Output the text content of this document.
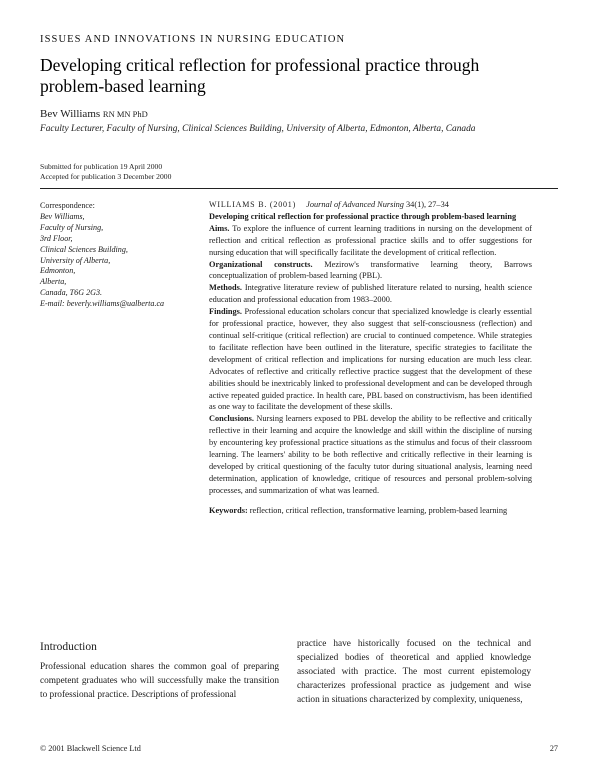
ISSUES AND INNOVATIONS IN NURSING EDUCATION
Developing critical reflection for professional practice through problem-based learning
Bev Williams RN MN PhD
Faculty Lecturer, Faculty of Nursing, Clinical Sciences Building, University of Alberta, Edmonton, Alberta, Canada
Submitted for publication 19 April 2000
Accepted for publication 3 December 2000
Correspondence:
Bev Williams,
Faculty of Nursing,
3rd Floor,
Clinical Sciences Building,
University of Alberta,
Edmonton,
Alberta,
Canada, T6G 2G3.
E-mail: beverly.williams@ualberta.ca

WILLIAMS B. (2001) Journal of Advanced Nursing 34(1), 27–34

Developing critical reflection for professional practice through problem-based learning

Aims. To explore the influence of current learning traditions in nursing on the development of reflection and critical reflection as professional practice skills and to offer suggestions for nursing education that will specifically facilitate the development of critical reflection.

Organizational constructs. Mezirow's transformative learning theory, Barrows conceptualization of problem-based learning (PBL).

Methods. Integrative literature review of published literature related to nursing, health science education and professional education from 1983–2000.

Findings. Professional education scholars concur that specialized knowledge is clearly essential for professional practice, however, they also suggest that self-consciousness (reflection) and continual self-critique (critical reflection) are crucial to continued competence. While strategies to facilitate reflection have been outlined in the literature, specific strategies to facilitate the development of critical reflection and implications for nursing education are much less clear. Advocates of reflective and critically reflective practice suggest that the development of these abilities should be inextricably linked to professional development and can be developed through active repeated guided practice. In health care, PBL based on constructivism, has been identified as one way to facilitate the development of these skills.

Conclusions. Nursing learners exposed to PBL develop the ability to be reflective and critically reflective in their learning and acquire the knowledge and skill within the discipline of nursing by encountering key professional practice situations as the stimulus and focus of their classroom learning. The learners' ability to be both reflective and critically reflective in their learning is developed by critical questioning of the faculty tutor during situational analysis, learning need determination, application of knowledge, critique of resources and personal problem-solving processes, and summarization of what was learned.

Keywords: reflection, critical reflection, transformative learning, problem-based learning

Introduction
Professional education shares the common goal of preparing competent graduates who will successfully make the transition to professional practice. Descriptions of professional
practice have historically focused on the technical and specialized bodies of theoretical and applied knowledge associated with practice. The most current epistemology characterizes professional practice as judgement and wise action in situations characterized by complexity, uniqueness,
© 2001 Blackwell Science Ltd	27
